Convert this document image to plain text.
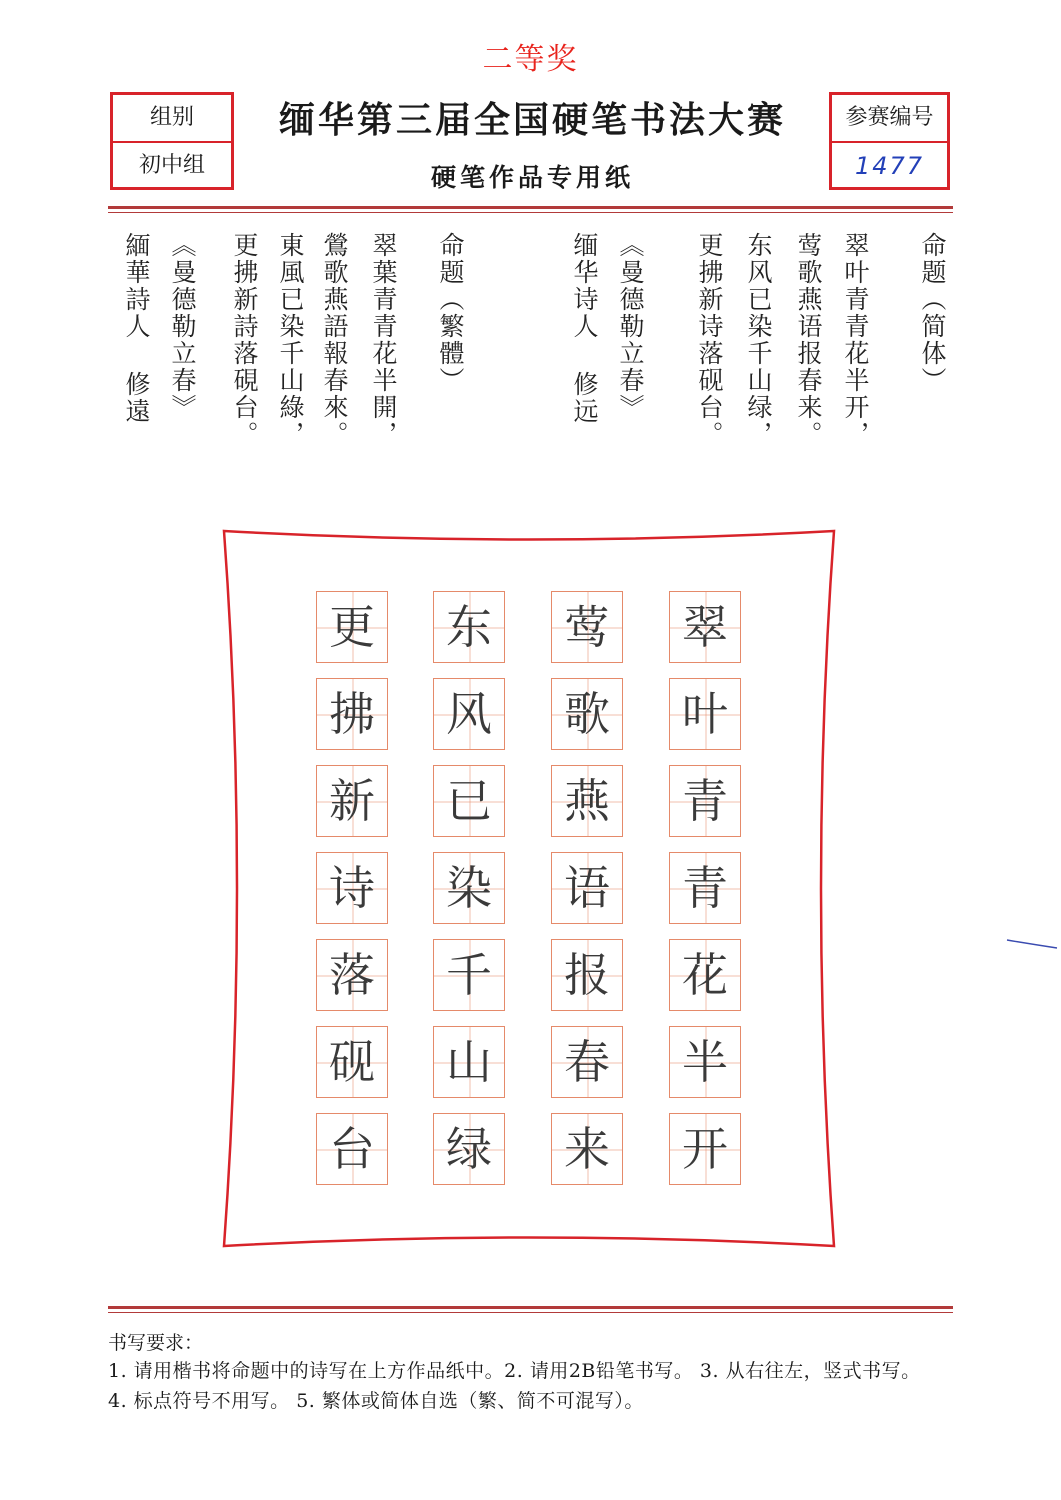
二等奖
组别
初中组
缅华第三届全国硬笔书法大赛
硬笔作品专用纸
参赛编号
1477
命题（简体）
翠叶青青花半开，
莺歌燕语报春来。
东风已染千山绿，
更拂新诗落砚台。
《曼德勒立春》
缅华诗人 修远
命题（繁體）
翠葉青青花半開，
鶯歌燕語報春來。
東風已染千山綠，
更拂新詩落硯台。
《曼德勒立春》
緬華詩人 修遠
翠
叶
青
青
花
半
开
莺
歌
燕
语
报
春
来
东
风
已
染
千
山
绿
更
拂
新
诗
落
砚
台
书写要求：
1. 请用楷书将命题中的诗写在上方作品纸中。2. 请用2B铅笔书写。 3. 从右往左，竖式书写。
4. 标点符号不用写。 5. 繁体或简体自选（繁、简不可混写）。
